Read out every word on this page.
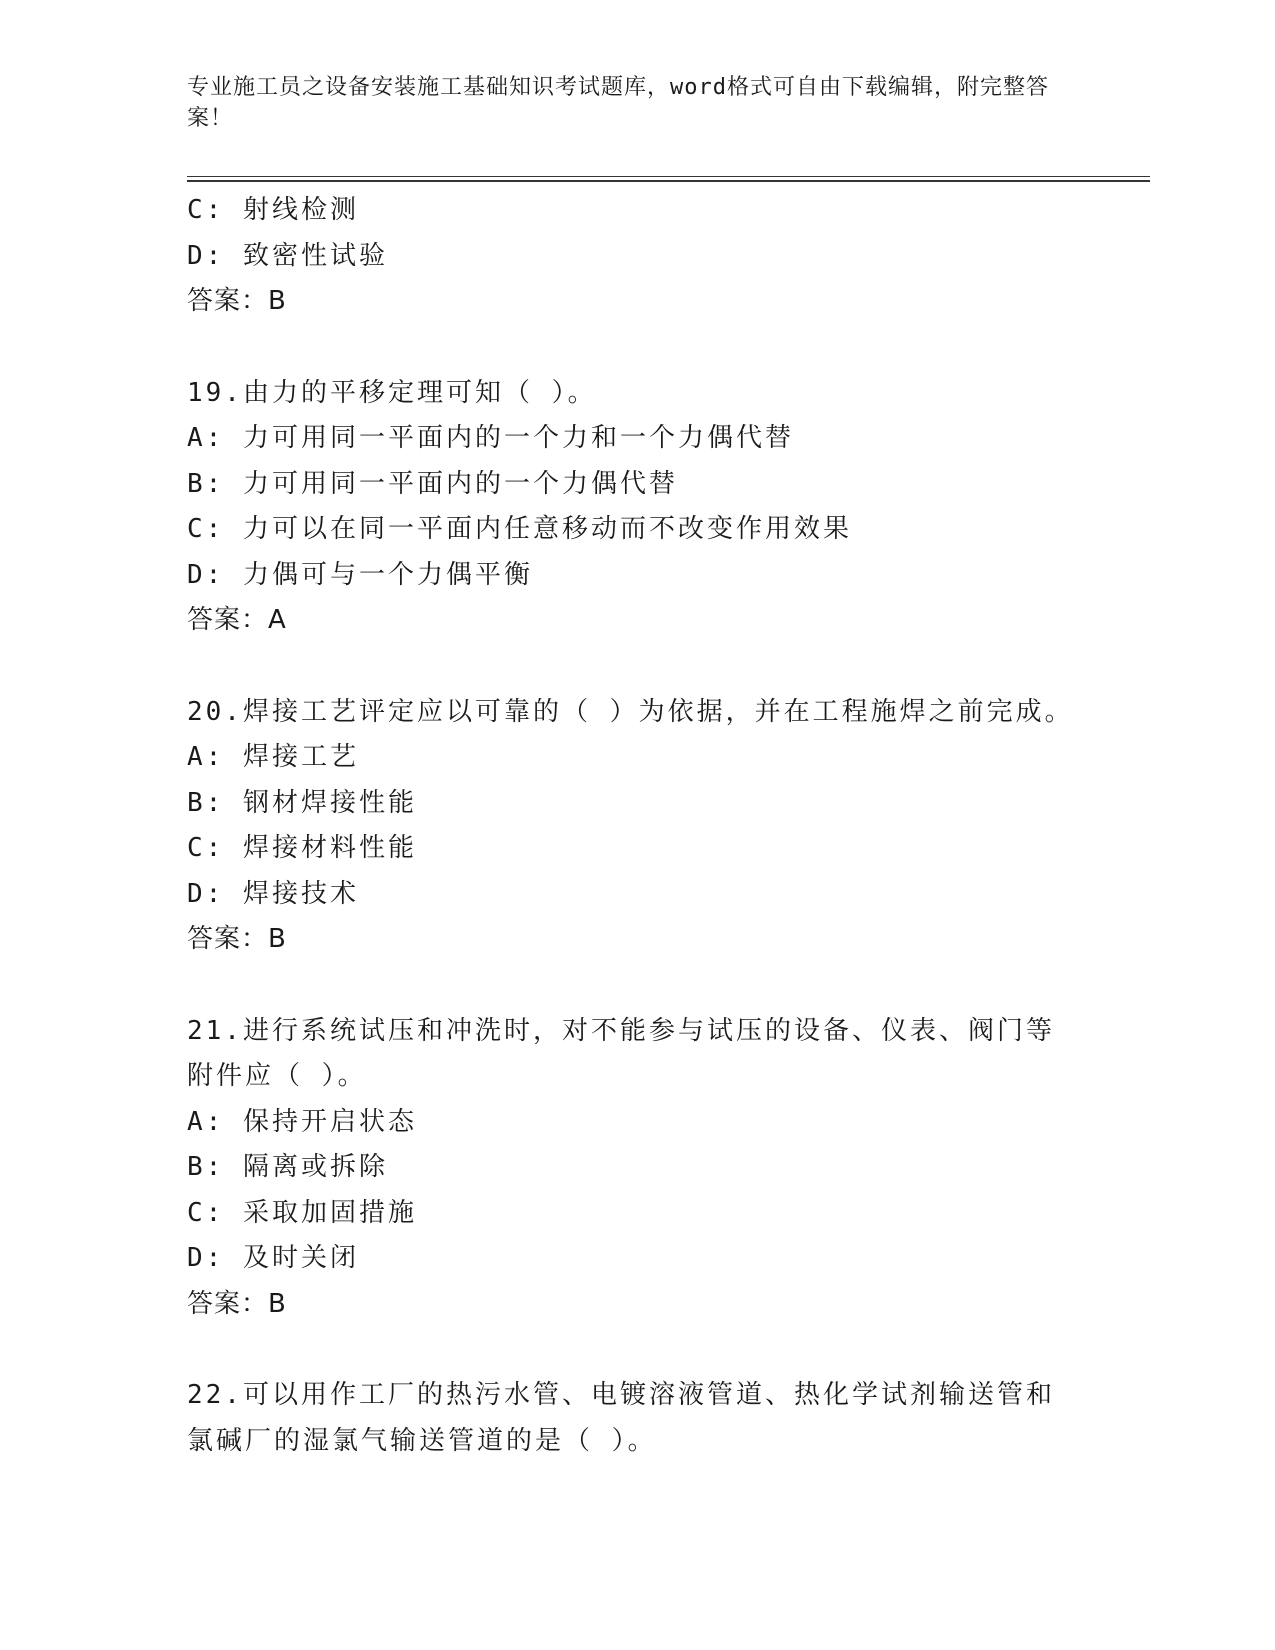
专业施工员之设备安装施工基础知识考试题库，word格式可自由下载编辑，附完整答案！
C: 射线检测
D: 致密性试验
答案：B
19.由力的平移定理可知（ ）。
A: 力可用同一平面内的一个力和一个力偶代替
B: 力可用同一平面内的一个力偶代替
C: 力可以在同一平面内任意移动而不改变作用效果
D: 力偶可与一个力偶平衡
答案：A
20.焊接工艺评定应以可靠的（ ）为依据，并在工程施焊之前完成。
A: 焊接工艺
B: 钢材焊接性能
C: 焊接材料性能
D: 焊接技术
答案：B
21.进行系统试压和冲洗时，对不能参与试压的设备、仪表、阀门等附件应（ ）。
A: 保持开启状态
B: 隔离或拆除
C: 采取加固措施
D: 及时关闭
答案：B
22.可以用作工厂的热污水管、电镀溶液管道、热化学试剂输送管和氯碱厂的湿氯气输送管道的是（ ）。
